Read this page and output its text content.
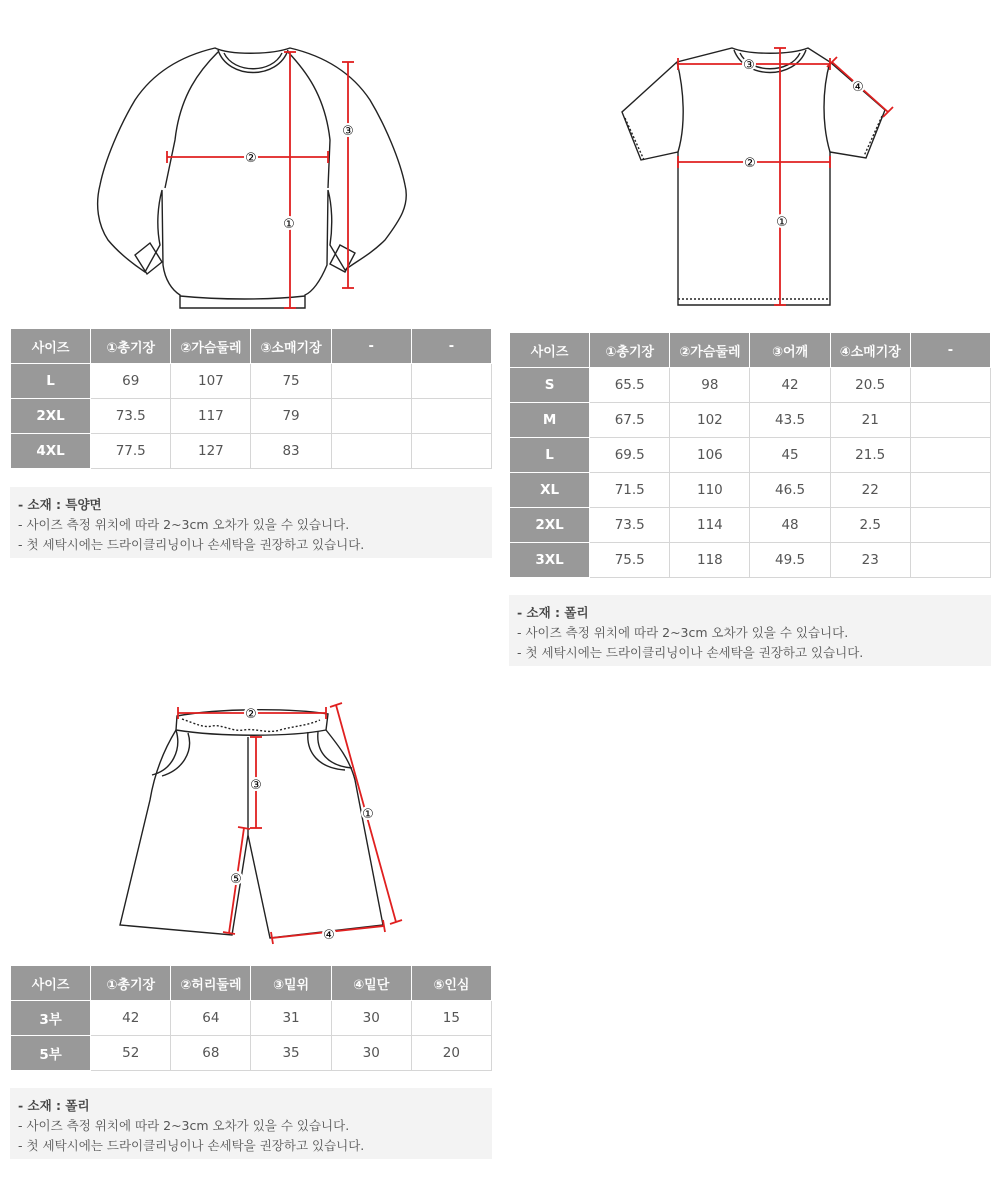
①
②
③
사이즈	①총기장	②가슴둘레	③소매기장	-	-
L	69	107	75		
2XL	73.5	117	79		
4XL	77.5	127	83		
- 소재 : 특양면
- 사이즈 측정 위치에 따라 2~3cm 오차가 있을 수 있습니다.
- 첫 세탁시에는 드라이클리닝이나 손세탁을 권장하고 있습니다.
①
②
③
④
사이즈	①총기장	②가슴둘레	③어깨	④소매기장	-
S	65.5	98	42	20.5	
M	67.5	102	43.5	21	
L	69.5	106	45	21.5	
XL	71.5	110	46.5	22	
2XL	73.5	114	48	2.5	
3XL	75.5	118	49.5	23	
- 소재 : 폴리
- 사이즈 측정 위치에 따라 2~3cm 오차가 있을 수 있습니다.
- 첫 세탁시에는 드라이클리닝이나 손세탁을 권장하고 있습니다.
②
③
①
⑤
④
사이즈	①총기장	②허리둘레	③밑위	④밑단	⑤인심
3부	42	64	31	30	15
5부	52	68	35	30	20
- 소재 : 폴리
- 사이즈 측정 위치에 따라 2~3cm 오차가 있을 수 있습니다.
- 첫 세탁시에는 드라이클리닝이나 손세탁을 권장하고 있습니다.
